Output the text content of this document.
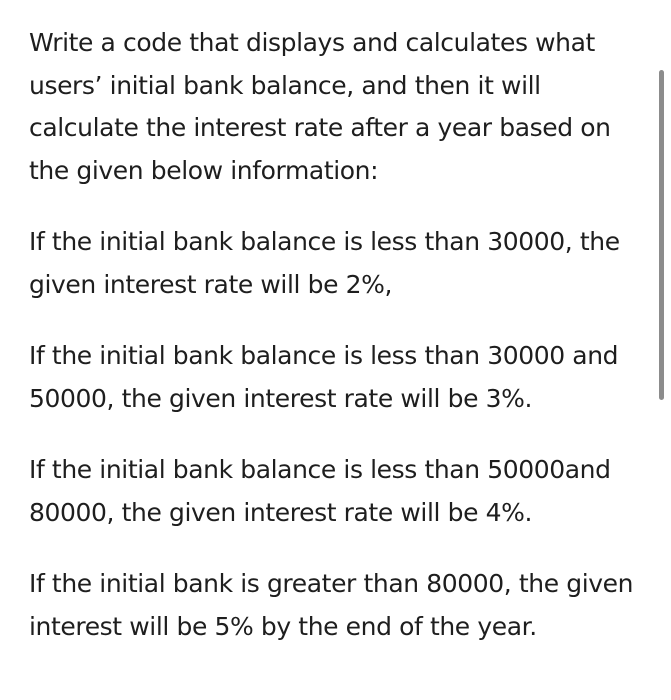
Write a code that displays and calculates what users’ initial bank balance, and then it will calculate the interest rate after a year based on the given below information:

If the initial bank balance is less than 30000, the given interest rate will be 2%,

If the initial bank balance is less than 30000 and 50000, the given interest rate will be 3%.

If the initial bank balance is less than 50000and 80000, the given interest rate will be 4%.

If the initial bank is greater than 80000, the given interest will be 5% by the end of the year.
